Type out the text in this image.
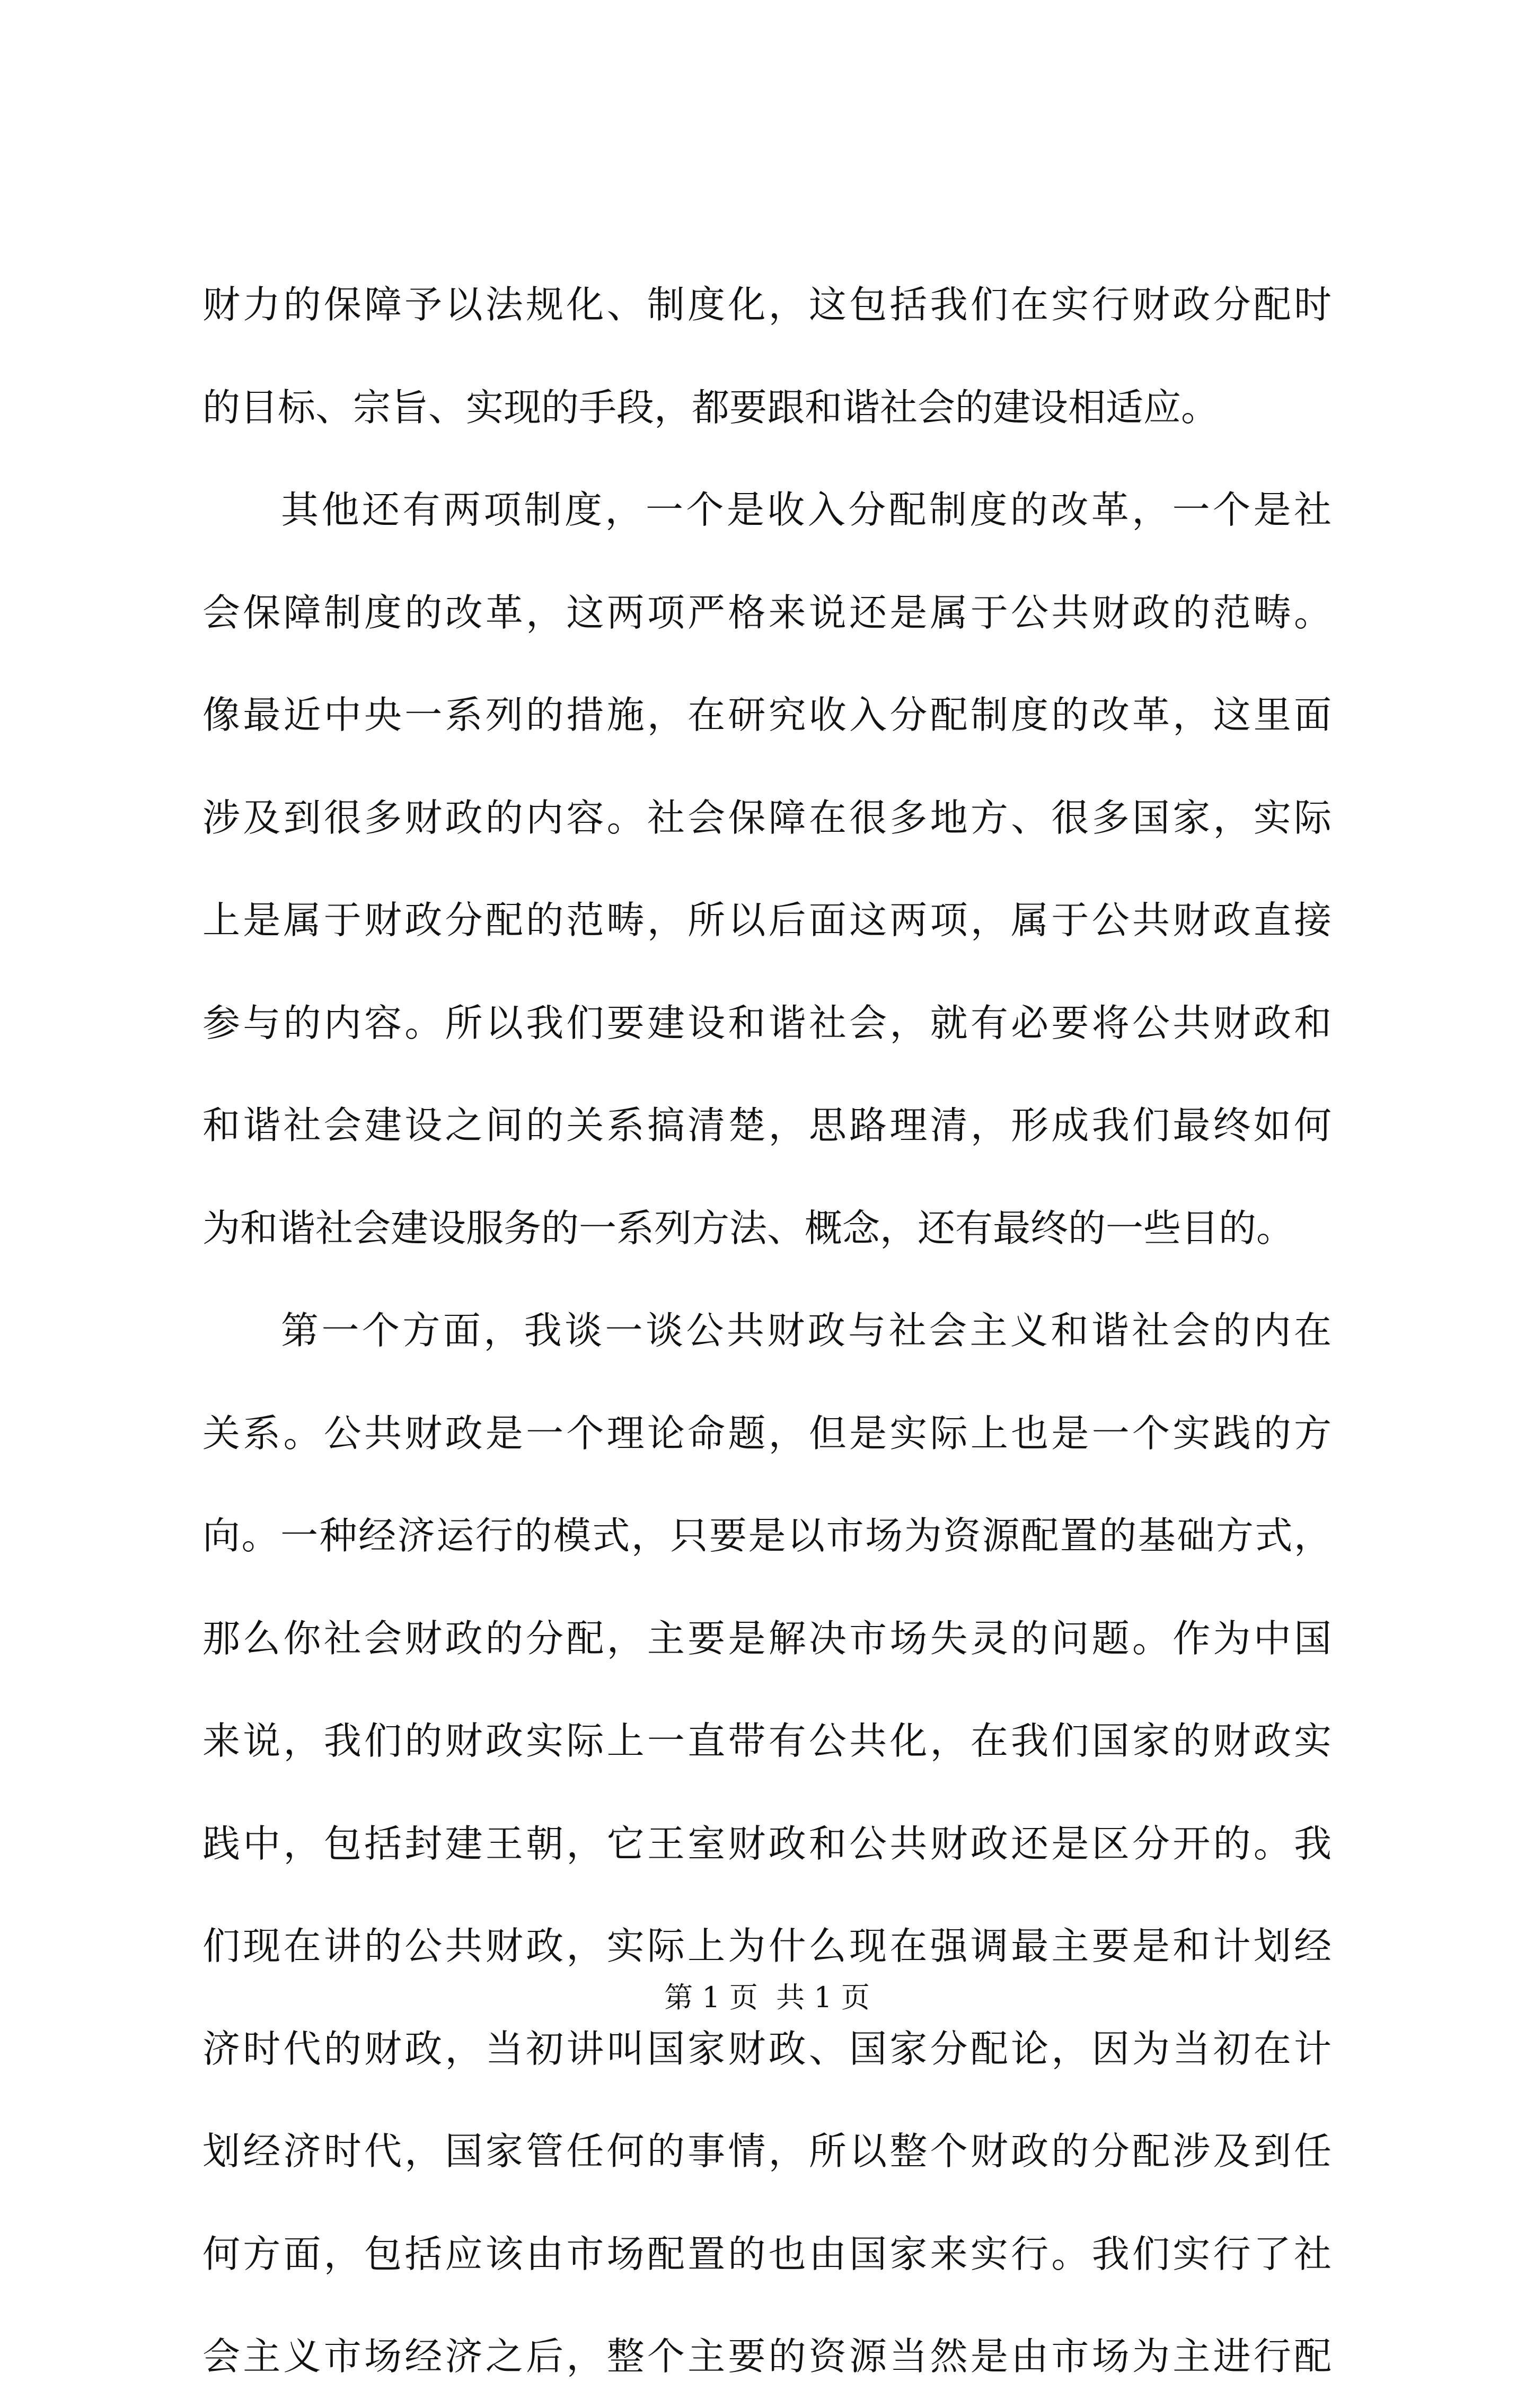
财力的保障予以法规化、制度化，这包括我们在实行财政分配时
的目标、宗旨、实现的手段，都要跟和谐社会的建设相适应。
其他还有两项制度，一个是收入分配制度的改革，一个是社
会保障制度的改革，这两项严格来说还是属于公共财政的范畴。
像最近中央一系列的措施，在研究收入分配制度的改革，这里面
涉及到很多财政的内容。社会保障在很多地方、很多国家，实际
上是属于财政分配的范畴，所以后面这两项，属于公共财政直接
参与的内容。所以我们要建设和谐社会，就有必要将公共财政和
和谐社会建设之间的关系搞清楚，思路理清，形成我们最终如何
为和谐社会建设服务的一系列方法、概念，还有最终的一些目的。
第一个方面，我谈一谈公共财政与社会主义和谐社会的内在
关系。公共财政是一个理论命题，但是实际上也是一个实践的方
向。一种经济运行的模式，只要是以市场为资源配置的基础方式，
那么你社会财政的分配，主要是解决市场失灵的问题。作为中国
来说，我们的财政实际上一直带有公共化，在我们国家的财政实
践中，包括封建王朝，它王室财政和公共财政还是区分开的。我
们现在讲的公共财政，实际上为什么现在强调最主要是和计划经
济时代的财政，当初讲叫国家财政、国家分配论，因为当初在计
划经济时代，国家管任何的事情，所以整个财政的分配涉及到任
何方面，包括应该由市场配置的也由国家来实行。我们实行了社
会主义市场经济之后，整个主要的资源当然是由市场为主进行配
第 1 页  共 1 页
